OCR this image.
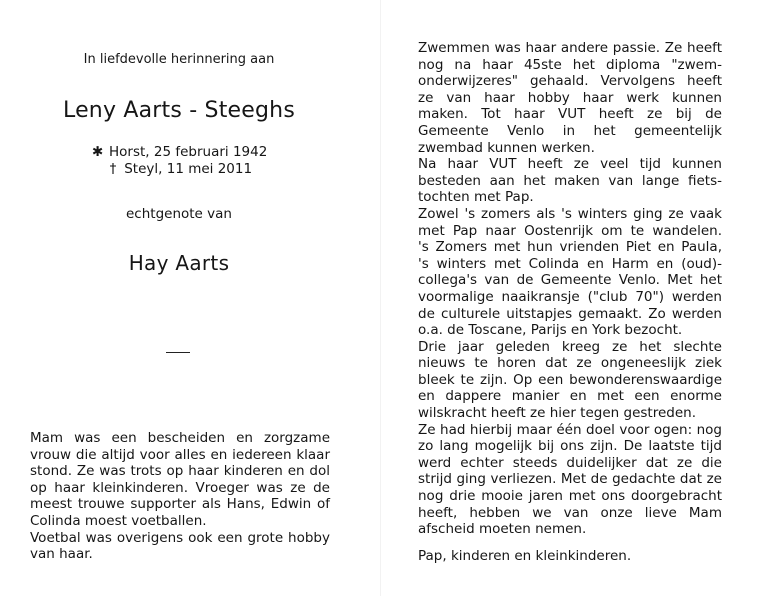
In liefdevolle herinnering aan
Leny Aarts - Steeghs
✱ Horst, 25 februari 1942
† Steyl, 11 mei 2011
echtgenote van
Hay Aarts
Mam was een bescheiden en zorgzame
vrouw die altijd voor alles en iedereen klaar
stond. Ze was trots op haar kinderen en dol
op haar kleinkinderen. Vroeger was ze de
meest trouwe supporter als Hans, Edwin of
Colinda moest voetballen.
Voetbal was overigens ook een grote hobby
van haar.
Zwemmen was haar andere passie. Ze heeft
nog na haar 45ste het diploma "zwem-
onderwijzeres" gehaald. Vervolgens heeft
ze van haar hobby haar werk kunnen
maken. Tot haar VUT heeft ze bij de
Gemeente Venlo in het gemeentelijk
zwembad kunnen werken.
Na haar VUT heeft ze veel tijd kunnen
besteden aan het maken van lange fiets-
tochten met Pap.
Zowel 's zomers als 's winters ging ze vaak
met Pap naar Oostenrijk om te wandelen.
's Zomers met hun vrienden Piet en Paula,
's winters met Colinda en Harm en (oud)-
collega's van de Gemeente Venlo. Met het
voormalige naaikransje ("club 70") werden
de culturele uitstapjes gemaakt. Zo werden
o.a. de Toscane, Parijs en York bezocht.
Drie jaar geleden kreeg ze het slechte
nieuws te horen dat ze ongeneeslijk ziek
bleek te zijn. Op een bewonderenswaardige
en dappere manier en met een enorme
wilskracht heeft ze hier tegen gestreden.
Ze had hierbij maar één doel voor ogen: nog
zo lang mogelijk bij ons zijn. De laatste tijd
werd echter steeds duidelijker dat ze die
strijd ging verliezen. Met de gedachte dat ze
nog drie mooie jaren met ons doorgebracht
heeft, hebben we van onze lieve Mam
afscheid moeten nemen.
Pap, kinderen en kleinkinderen.
